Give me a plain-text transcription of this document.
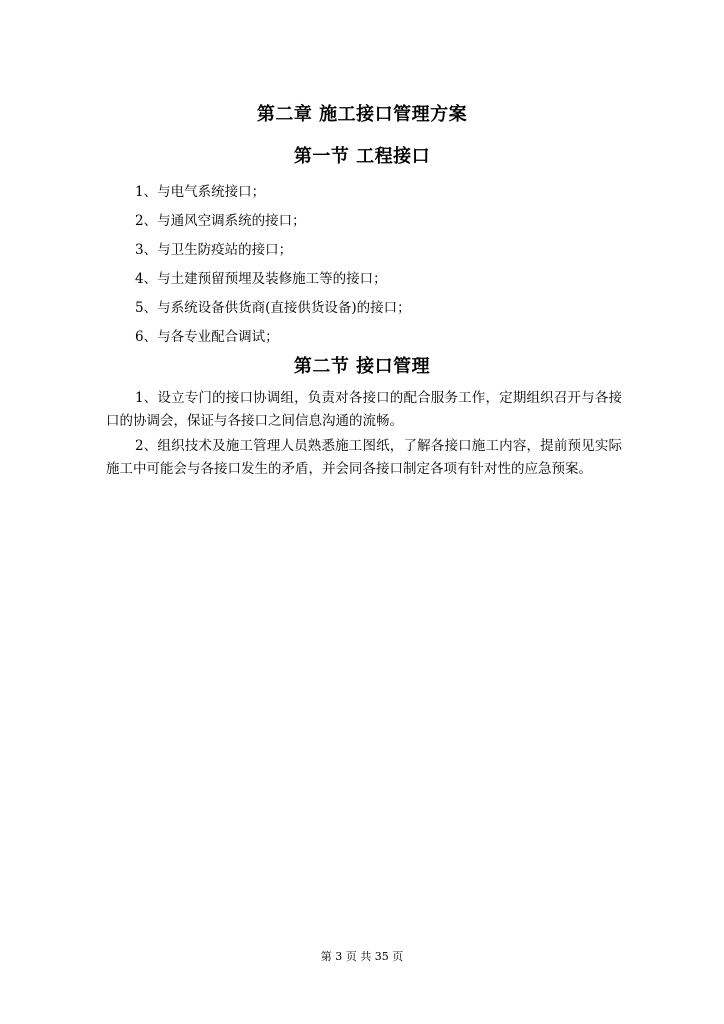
第二章 施工接口管理方案
第一节 工程接口
1、与电气系统接口；
2、与通风空调系统的接口；
3、与卫生防疫站的接口；
4、与土建预留预埋及装修施工等的接口；
5、与系统设备供货商(直接供货设备)的接口；
6、与各专业配合调试；
第二节 接口管理

1、设立专门的接口协调组，负责对各接口的配合服务工作，定期组织召开与各接口的协调会，保证与各接口之间信息沟通的流畅。

2、组织技术及施工管理人员熟悉施工图纸，了解各接口施工内容，提前预见实际施工中可能会与各接口发生的矛盾，并会同各接口制定各项有针对性的应急预案。

第 3 页 共 35 页
